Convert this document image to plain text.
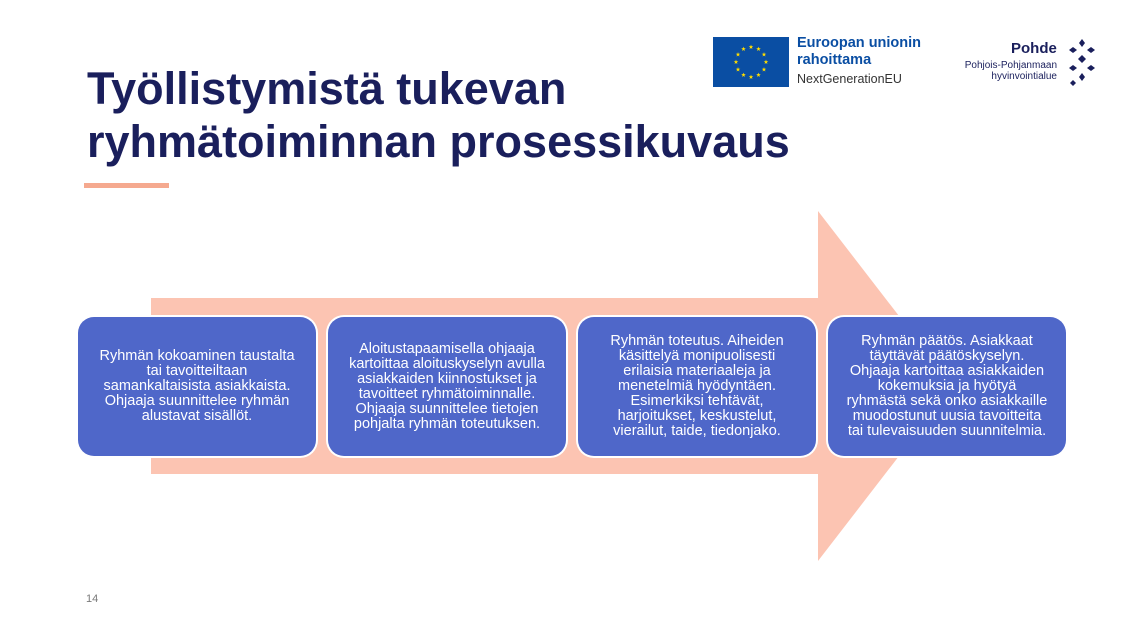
Työllistymistä tukevan
ryhmätoiminnan prosessikuvaus
Euroopan unionin
rahoittama
NextGenerationEU
Pohde
Pohjois-Pohjanmaan
hyvinvointialue
Ryhmän kokoaminen taustalta
tai tavoitteiltaan
samankaltaisista asiakkaista.
Ohjaaja suunnittelee ryhmän
alustavat sisällöt.
Aloitustapaamisella ohjaaja
kartoittaa aloituskyselyn avulla
asiakkaiden kiinnostukset ja
tavoitteet ryhmätoiminnalle.
Ohjaaja suunnittelee tietojen
pohjalta ryhmän toteutuksen.
Ryhmän toteutus. Aiheiden
käsittelyä monipuolisesti
erilaisia materiaaleja ja
menetelmiä hyödyntäen.
Esimerkiksi tehtävät,
harjoitukset, keskustelut,
vierailut, taide, tiedonjako.
Ryhmän päätös. Asiakkaat
täyttävät päätöskyselyn.
Ohjaaja kartoittaa asiakkaiden
kokemuksia ja hyötyä
ryhmästä sekä onko asiakkaille
muodostunut uusia tavoitteita
tai tulevaisuuden suunnitelmia.
14
